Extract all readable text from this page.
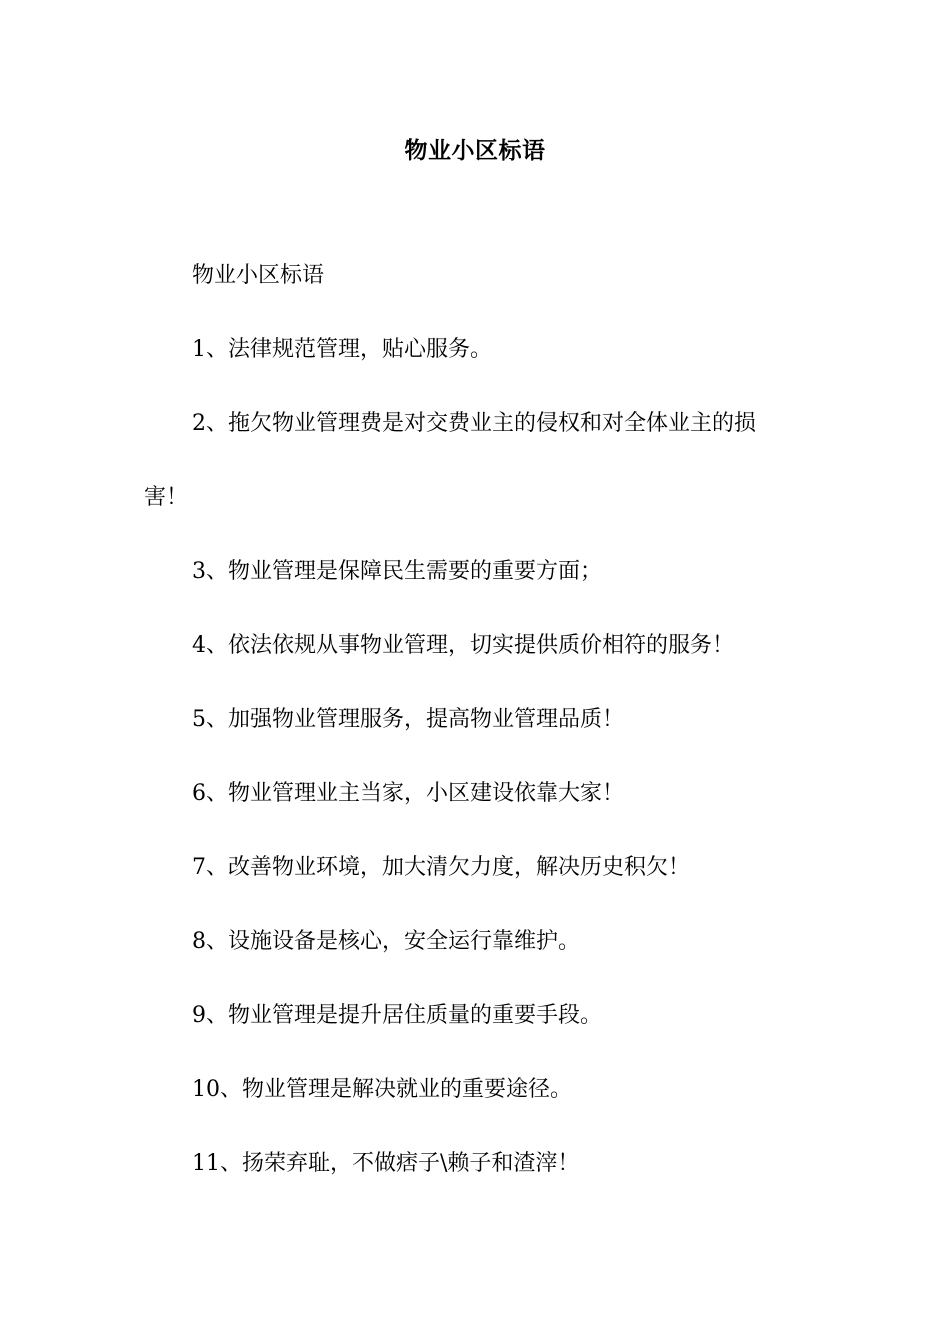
物业小区标语

物业小区标语

1、法律规范管理，贴心服务。

2、拖欠物业管理费是对交费业主的侵权和对全体业主的损

害！

3、物业管理是保障民生需要的重要方面；

4、依法依规从事物业管理，切实提供质价相符的服务！

5、加强物业管理服务，提高物业管理品质！

6、物业管理业主当家，小区建设依靠大家！

7、改善物业环境，加大清欠力度，解决历史积欠！

8、设施设备是核心，安全运行靠维护。

9、物业管理是提升居住质量的重要手段。

10、物业管理是解决就业的重要途径。

11、扬荣弃耻，不做痞子\赖子和渣滓！
